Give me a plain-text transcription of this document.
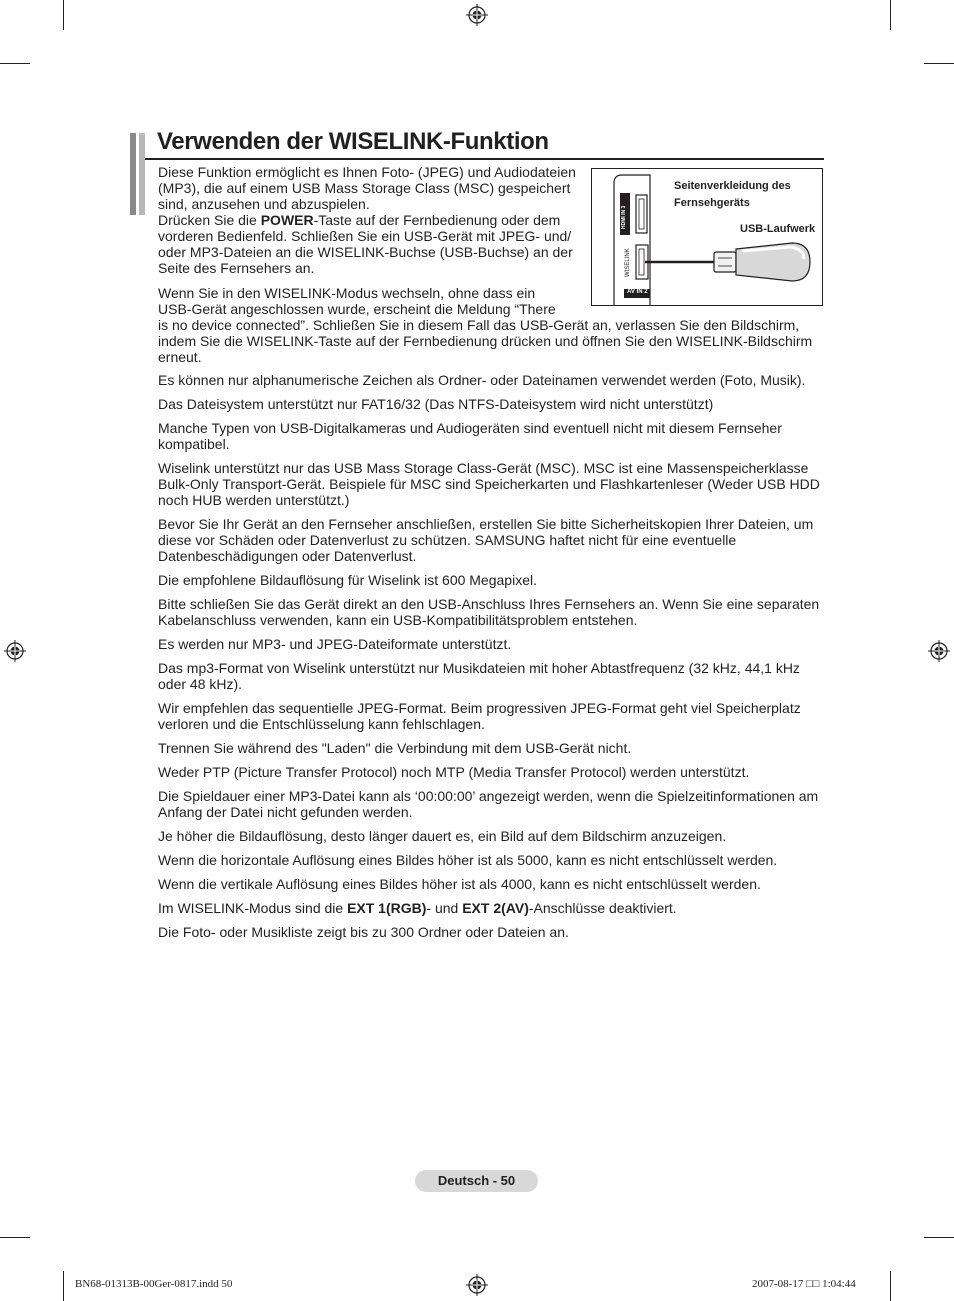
Verwenden der WISELINK-Funktion

Diese Funktion ermöglicht es Ihnen Foto- (JPEG) und Audiodateien (MP3), die auf einem USB Mass Storage Class (MSC) gespeichert sind, anzusehen und abzuspielen.

Drücken Sie die POWER-Taste auf der Fernbedienung oder dem vorderen Bedienfeld. Schließen Sie ein USB-Gerät mit JPEG- und/ oder MP3-Dateien an die WISELINK-Buchse (USB-Buchse) an der Seite des Fernsehers an.

Wenn Sie in den WISELINK-Modus wechseln, ohne dass ein USB-Gerät angeschlossen wurde, erscheint die Meldung “There is no device connected”. Schließen Sie in diesem Fall das USB-Gerät an, verlassen Sie den Bildschirm, indem Sie die WISELINK-Taste auf der Fernbedienung drücken und öffnen Sie den WISELINK-Bildschirm erneut.
HDMI IN 3
WISELINK
AV IN 2
Seitenverkleidung des Fernsehgeräts
USB-Laufwerk

Es können nur alphanumerische Zeichen als Ordner- oder Dateinamen verwendet werden (Foto, Musik).

Das Dateisystem unterstützt nur FAT16/32 (Das NTFS-Dateisystem wird nicht unterstützt)

Manche Typen von USB-Digitalkameras und Audiogeräten sind eventuell nicht mit diesem Fernseher kompatibel.

Wiselink unterstützt nur das USB Mass Storage Class-Gerät (MSC). MSC ist eine Massenspeicherklasse Bulk-Only Transport-Gerät. Beispiele für MSC sind Speicherkarten und Flashkartenleser (Weder USB HDD noch HUB werden unterstützt.)

Bevor Sie Ihr Gerät an den Fernseher anschließen, erstellen Sie bitte Sicherheitskopien Ihrer Dateien, um diese vor Schäden oder Datenverlust zu schützen. SAMSUNG haftet nicht für eine eventuelle Datenbeschädigungen oder Datenverlust.

Die empfohlene Bildauflösung für Wiselink ist 600 Megapixel.

Bitte schließen Sie das Gerät direkt an den USB-Anschluss Ihres Fernsehers an. Wenn Sie eine separaten Kabelanschluss verwenden, kann ein USB-Kompatibilitätsproblem entstehen.

Es werden nur MP3- und JPEG-Dateiformate unterstützt.

Das mp3-Format von Wiselink unterstützt nur Musikdateien mit hoher Abtastfrequenz (32 kHz, 44,1 kHz oder 48 kHz).

Wir empfehlen das sequentielle JPEG-Format. Beim progressiven JPEG-Format geht viel Speicherplatz verloren und die Entschlüsselung kann fehlschlagen.

Trennen Sie während des "Laden" die Verbindung mit dem USB-Gerät nicht.

Weder PTP (Picture Transfer Protocol) noch MTP (Media Transfer Protocol) werden unterstützt.

Die Spieldauer einer MP3-Datei kann als ‘00:00:00’ angezeigt werden, wenn die Spielzeitinformationen am Anfang der Datei nicht gefunden werden.

Je höher die Bildauflösung, desto länger dauert es, ein Bild auf dem Bildschirm anzuzeigen.

Wenn die horizontale Auflösung eines Bildes höher ist als 5000, kann es nicht entschlüsselt werden.

Wenn die vertikale Auflösung eines Bildes höher ist als 4000, kann es nicht entschlüsselt werden.

Im WISELINK-Modus sind die EXT 1(RGB)- und EXT 2(AV)-Anschlüsse deaktiviert.

Die Foto- oder Musikliste zeigt bis zu 300 Ordner oder Dateien an.

Deutsch - 50
BN68-01313B-00Ger-0817.indd 50	2007-08-17 □□ 1:04:44
